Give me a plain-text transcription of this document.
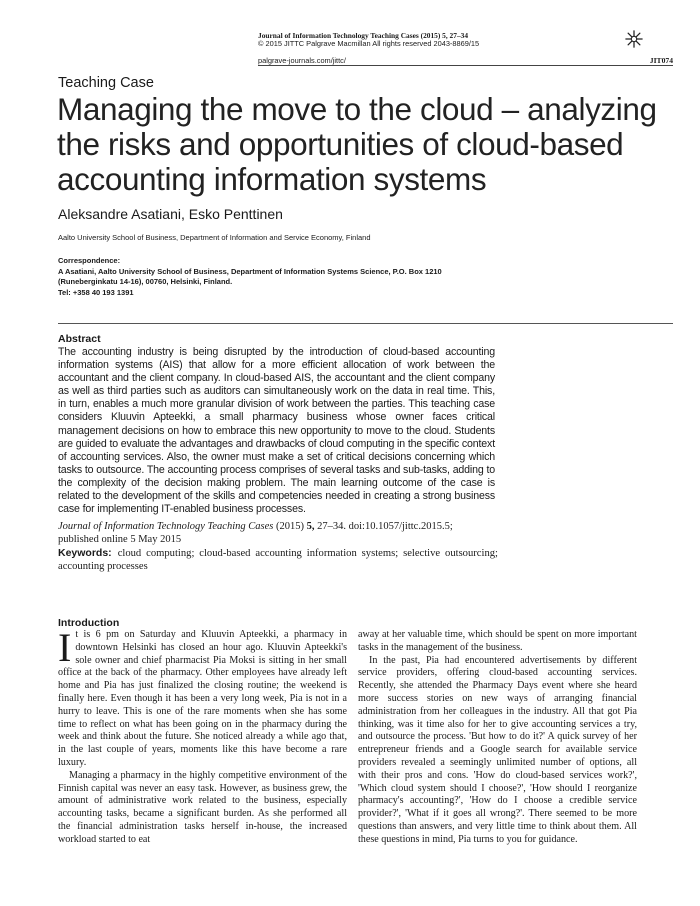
Journal of Information Technology Teaching Cases (2015) 5, 27–34
© 2015 JITTC Palgrave Macmillan All rights reserved 2043-8869/15
palgrave-journals.com/jittc/	JIT074
Teaching Case
Managing the move to the cloud – analyzing the risks and opportunities of cloud-based accounting information systems
Aleksandre Asatiani, Esko Penttinen
Aalto University School of Business, Department of Information and Service Economy, Finland
Correspondence:
A Asatiani, Aalto University School of Business, Department of Information Systems Science, P.O. Box 1210
(Runeberginkatu 14-16), 00760, Helsinki, Finland.
Tel: +358 40 193 1391
Abstract

The accounting industry is being disrupted by the introduction of cloud-based accounting information systems (AIS) that allow for a more efficient allocation of work between the accountant and the client company. In cloud-based AIS, the accountant and the client company as well as third parties such as auditors can simultaneously work on the data in real time. This, in turn, enables a much more granular division of work between the parties. This teaching case considers Kluuvin Apteekki, a small pharmacy business whose owner faces critical management decisions on how to embrace this new opportunity to move to the cloud. Students are guided to evaluate the advantages and drawbacks of cloud computing in the specific context of accounting services. Also, the owner must make a set of critical decisions concerning which tasks to outsource. The accounting process comprises of several tasks and sub-tasks, adding to the complexity of the decision making problem. The main learning outcome of the case is related to the development of the skills and competencies needed in creating a strong business case for implementing IT-enabled business processes.

Journal of Information Technology Teaching Cases (2015) 5, 27–34. doi:10.1057/jittc.2015.5;
published online 5 May 2015

Keywords: cloud computing; cloud-based accounting information systems; selective outsourcing; accounting processes

Introduction

It is 6 pm on Saturday and Kluuvin Apteekki, a pharmacy in downtown Helsinki has closed an hour ago. Kluuvin Apteekki's sole owner and chief pharmacist Pia Moksi is sitting in her small office at the back of the pharmacy. Other employees have already left home and Pia has just finalized the closing routine; the weekend is finally here. Even though it has been a very long week, Pia is not in a hurry to leave. This is one of the rare moments when she has some time to reflect on what has been going on in the pharmacy during the week and think about the future. She noticed already a while ago that, in the last couple of years, moments like this have become a rare luxury.

Managing a pharmacy in the highly competitive environment of the Finnish capital was never an easy task. However, as business grew, the amount of administrative work related to the business, especially accounting tasks, became a significant burden. As she performed all the financial administration tasks herself in-house, the increased workload started to eat

away at her valuable time, which should be spent on more important tasks in the management of the business.

In the past, Pia had encountered advertisements by different service providers, offering cloud-based accounting services. Recently, she attended the Pharmacy Days event where she heard more success stories on new ways of arranging financial administration from her colleagues in the industry. All that got Pia thinking, was it time also for her to give accounting services a try, and outsource the process. 'But how to do it?' A quick survey of her entrepreneur friends and a Google search for available service providers revealed a seemingly unlimited number of options, all with their pros and cons. 'How do cloud-based services work?', 'Which cloud system should I choose?', 'How should I reorganize pharmacy's accounting?', 'How do I choose a credible service provider?', 'What if it goes all wrong?'. There seemed to be more questions than answers, and very little time to think about them. All these questions in mind, Pia turns to you for guidance.
